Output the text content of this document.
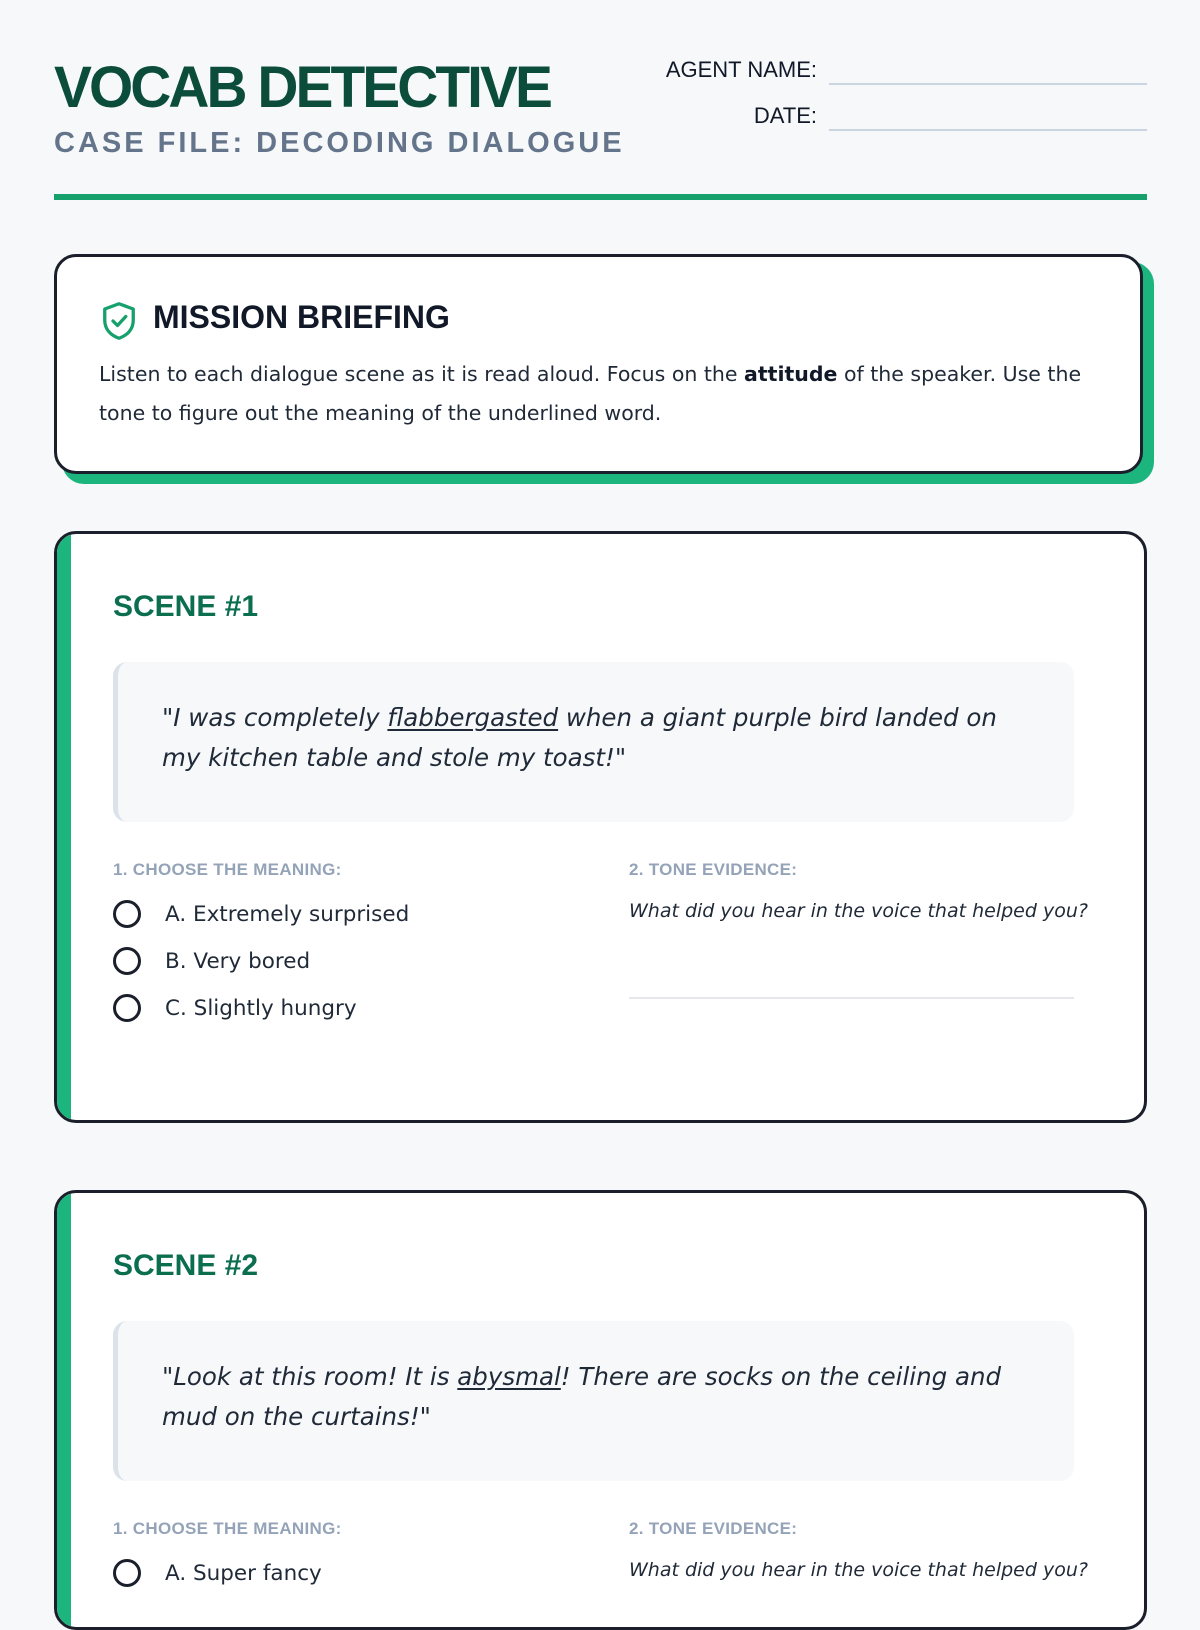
VOCAB DETECTIVE
CASE FILE: DECODING DIALOGUE
AGENT NAME:
DATE:
MISSION BRIEFING
Listen to each dialogue scene as it is read aloud. Focus on the attitude of the speaker. Use the tone to figure out the meaning of the underlined word.
SCENE #1
"I was completely flabbergasted when a giant purple bird landed on my kitchen table and stole my toast!"
1. CHOOSE THE MEANING:
A. Extremely surprised
B. Very bored
C. Slightly hungry
2. TONE EVIDENCE:
What did you hear in the voice that helped you?
SCENE #2
"Look at this room! It is abysmal! There are socks on the ceiling and mud on the curtains!"
1. CHOOSE THE MEANING:
A. Super fancy
2. TONE EVIDENCE:
What did you hear in the voice that helped you?
